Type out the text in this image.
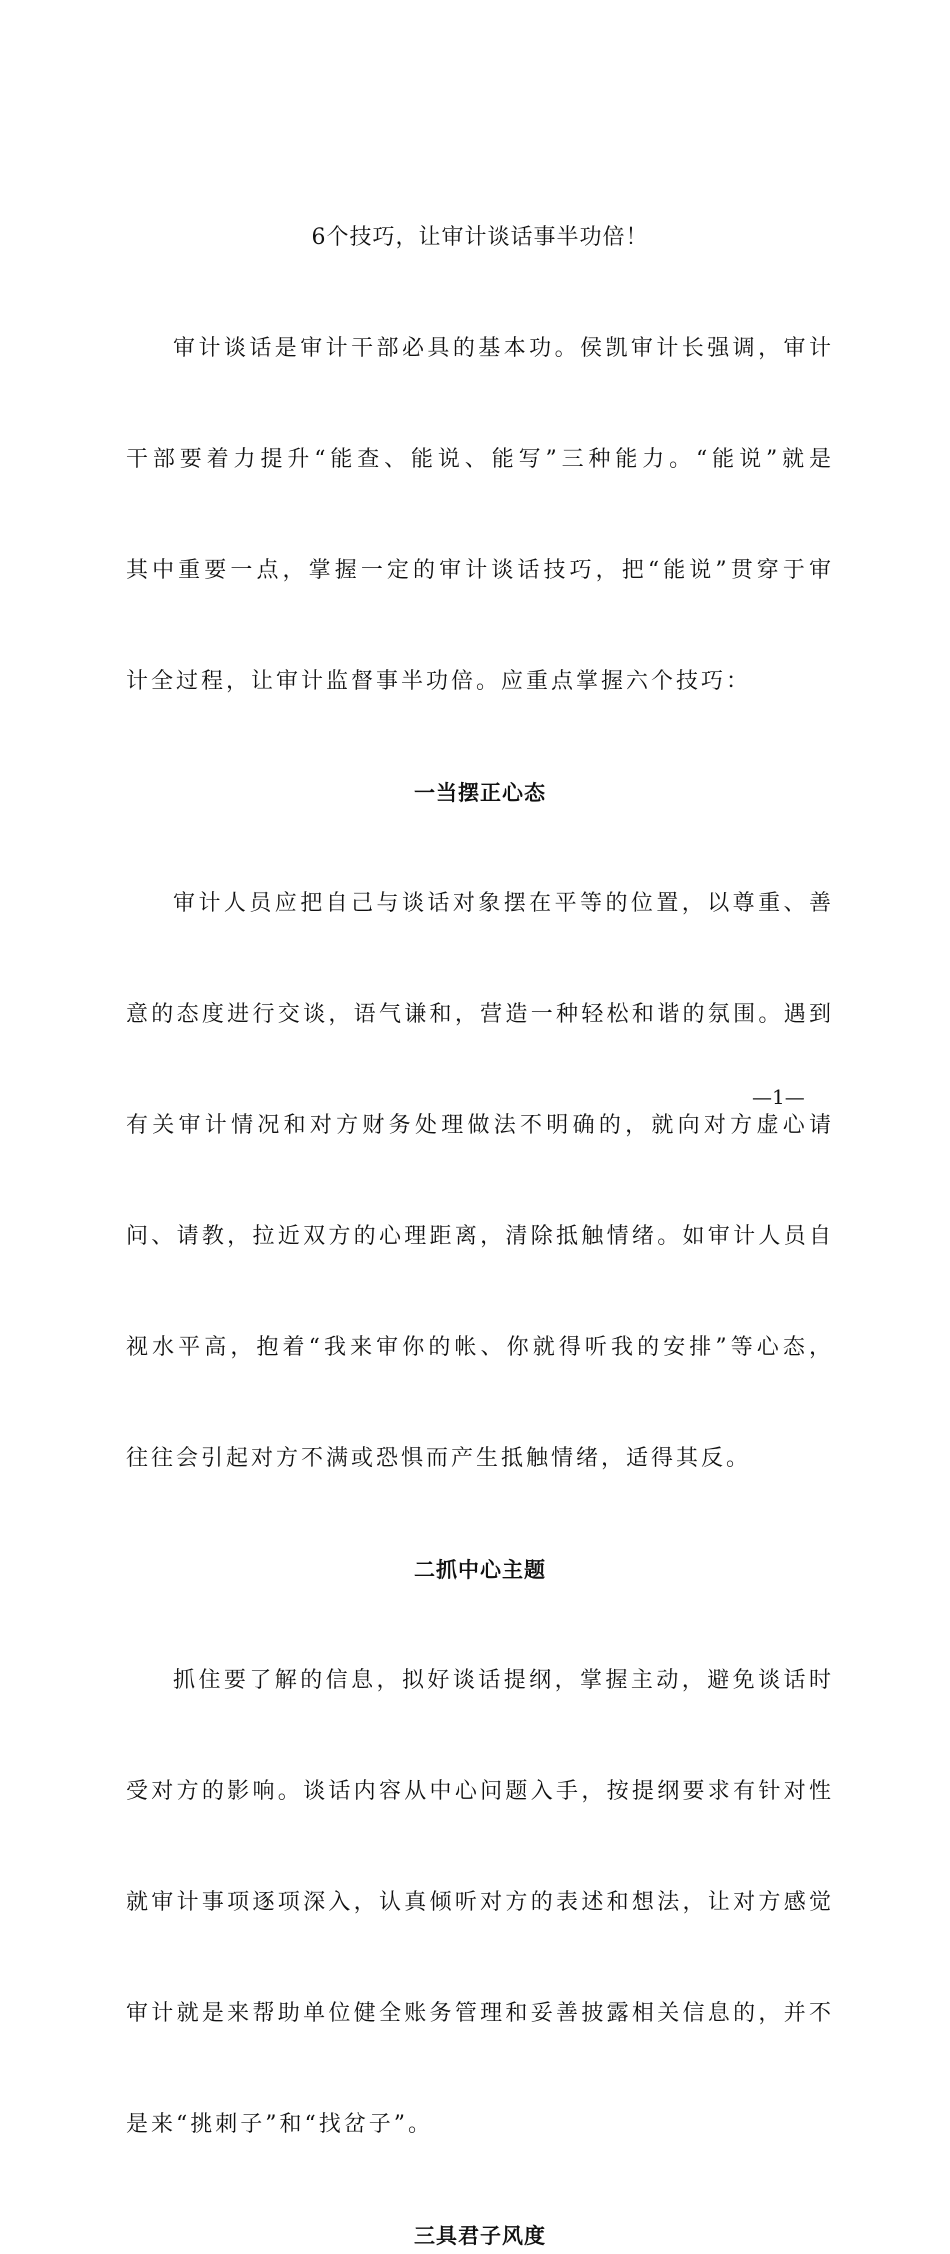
6个技巧，让审计谈话事半功倍！

审计谈话是审计干部必具的基本功。侯凯审计长强调，审计

干部要着力提升“能查、能说、能写”三种能力。“能说”就是

其中重要一点，掌握一定的审计谈话技巧，把“能说”贯穿于审

计全过程，让审计监督事半功倍。应重点掌握六个技巧：

一当摆正心态

审计人员应把自己与谈话对象摆在平等的位置，以尊重、善

意的态度进行交谈，语气谦和，营造一种轻松和谐的氛围。遇到

有关审计情况和对方财务处理做法不明确的，就向对方虚心请

问、请教，拉近双方的心理距离，清除抵触情绪。如审计人员自

视水平高，抱着“我来审你的帐、你就得听我的安排”等心态，

往往会引起对方不满或恐惧而产生抵触情绪，适得其反。

二抓中心主题

抓住要了解的信息，拟好谈话提纲，掌握主动，避免谈话时

受对方的影响。谈话内容从中心问题入手，按提纲要求有针对性

就审计事项逐项深入，认真倾听对方的表述和想法，让对方感觉

审计就是来帮助单位健全账务管理和妥善披露相关信息的，并不

是来“挑刺子”和“找岔子”。

三具君子风度
—1—
